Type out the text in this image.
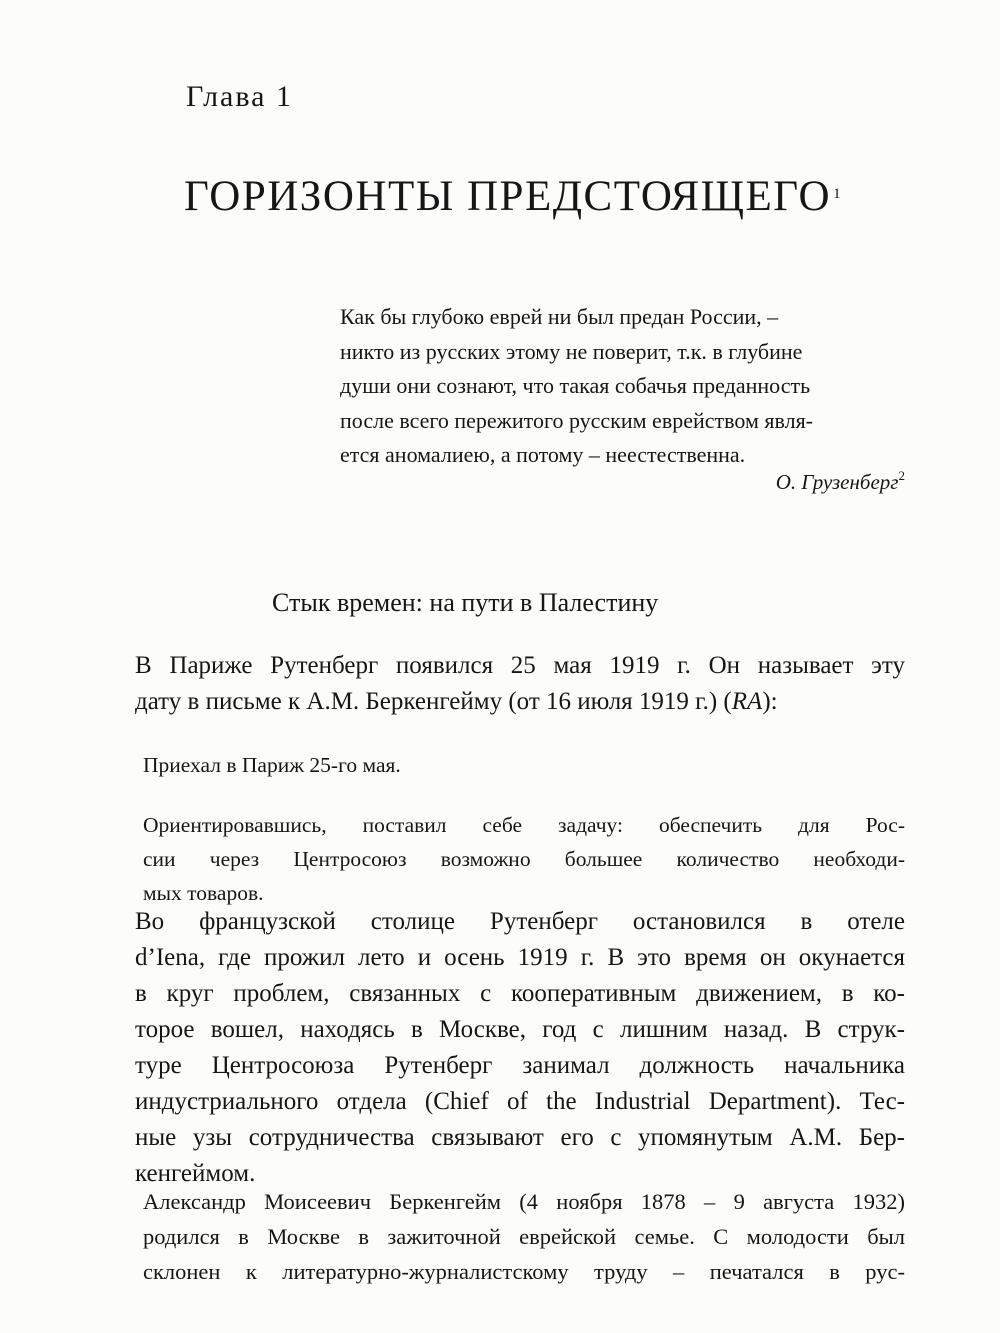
Глава 1
ГОРИЗОНТЫ ПРЕДСТОЯЩЕГО $^1$
Как бы глубоко еврей ни был предан России, –
никто из русских этому не поверит, т.к. в глубине
души они сознают, что такая собачья преданность
после всего пережитого русским еврейством явля-
ется аномалиею, а потому – неестественна.
О. Грузенберг$^2$
Стык времен: на пути в Палестину
В Париже Рутенберг появился 25 мая 1919 г. Он называет эту
дату в письме к А.М. Беркенгейму (от 16 июля 1919 г.) (RA):
Приехал в Париж 25-го мая.
Ориентировавшись, поставил себе задачу: обеспечить для Рос-
сии через Центросоюз возможно большее количество необходи-
мых товаров.
Во французской столице Рутенберг остановился в отеле
d’Iena, где прожил лето и осень 1919 г. В это время он окунается
в круг проблем, связанных с кооперативным движением, в ко-
торое вошел, находясь в Москве, год с лишним назад. В струк-
туре Центросоюза Рутенберг занимал должность начальника
индустриального отдела (Chief of the Industrial Department). Тес-
ные узы сотрудничества связывают его с упомянутым А.М. Бер-
кенгеймом.
Александр Моисеевич Беркенгейм (4 ноября 1878 – 9 августа 1932)
родился в Москве в зажиточной еврейской семье. С молодости был
склонен к литературно-журналистскому труду – печатался в рус-
